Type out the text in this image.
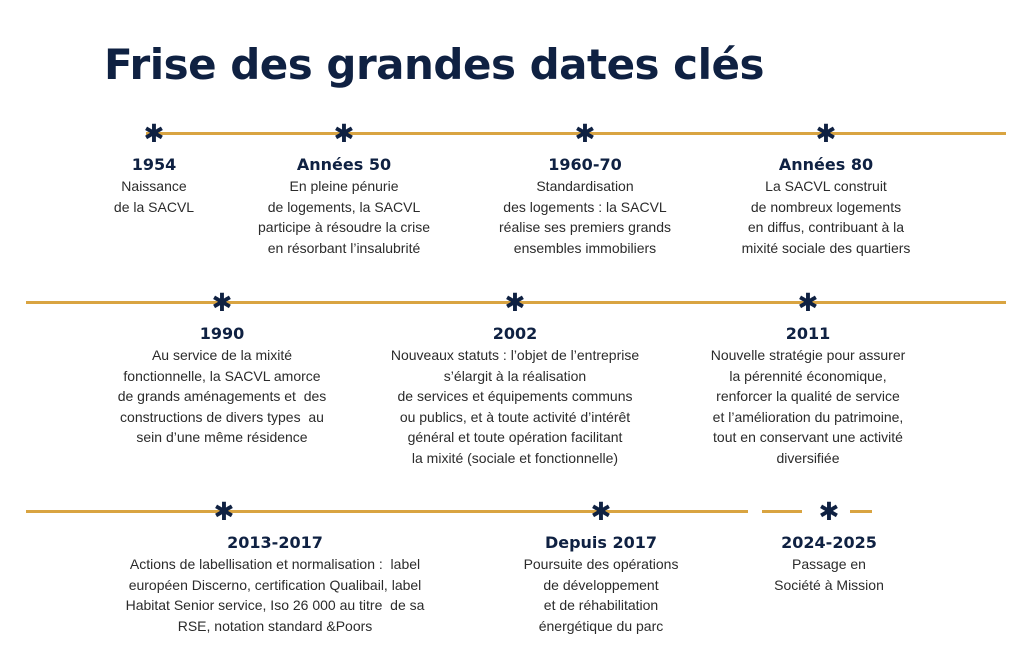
Frise des grandes dates clés
✱	✱	✱	✱
✱	✱	✱
✱	✱	✱
1954
Naissance
de la SACVL
Années 50
En pleine pénurie
de logements, la SACVL
participe à résoudre la crise
en résorbant l’insalubrité
1960-70
Standardisation
des logements : la SACVL
réalise ses premiers grands
ensembles immobiliers
Années 80
La SACVL construit
de nombreux logements
en diffus, contribuant à la
mixité sociale des quartiers
1990
Au service de la mixité
fonctionnelle, la SACVL amorce
de grands aménagements et  des
constructions de divers types  au
sein d’une même résidence
2002
Nouveaux statuts : l’objet de l’entreprise
s’élargit à la réalisation
de services et équipements communs
ou publics, et à toute activité d’intérêt
général et toute opération facilitant
la mixité (sociale et fonctionnelle)
2011
Nouvelle stratégie pour assurer
la pérennité économique,
renforcer la qualité de service
et l’amélioration du patrimoine,
tout en conservant une activité
diversifiée
2013-2017
Actions de labellisation et normalisation :  label
européen Discerno, certification Qualibail, label
Habitat Senior service, Iso 26 000 au titre  de sa
RSE, notation standard &Poors
Depuis 2017
Poursuite des opérations
de développement
et de réhabilitation
énergétique du parc
2024-2025
Passage en
Société à Mission
